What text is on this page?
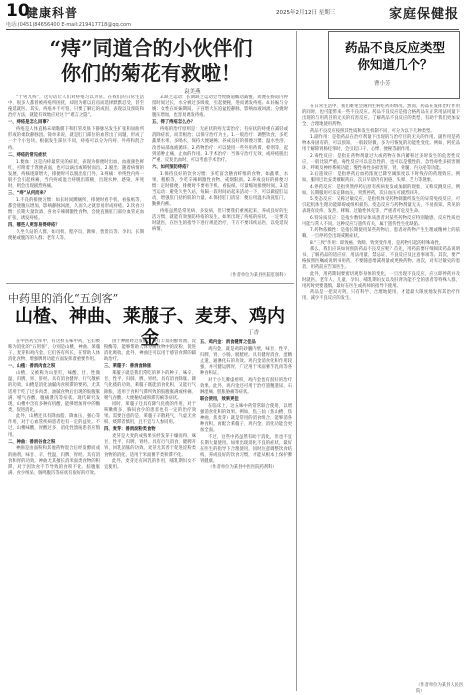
10
健康科普	2025年2月12日 星期三	家庭保健报
电话:(0451)84656400 E-mail:219417718@qq.com
“痔”同道合的小伙伴们
你们的菊花有救啦！
袁美燕

“十男九痔”，这句话让人们对痔疮习以为常。在我们的日常生活中，很多人都曾被痔疮所困扰，却因为难以启齿而选择默默忍受，甚至拖延就医。其实，痔疮并不可怕，只要了解它的成因、表现以及预防和治疗方法，就能有效地应对这个“难言之隐”。

一、痔疮是怎么回事？

痔疮是人体直肠末端黏膜下和肛管皮肤下静脉丛发生扩张和屈曲所形成的柔软静脉团。简单来说，就是肛门部位的血管出了问题，形成了一个个小包块。根据发生部位不同，痔疮可以分为内痔、外痔和混合痔。

二、痔疮的常见症状

1.便血：这是内痔最常见的症状，表现为排便时出血，血液颜色鲜红，可附着于粪便表面，也可以滴出或喷射而出。2.脱出：随着病情的发展，痔核逐渐增大，排便时可以脱出肛门外。3.疼痛：单纯性内痔一般不会引起疼痛，当内痔或混合痔脱出嵌顿，出现水肿、感染、坏死时，则会出现剧烈疼痛。

三、“痔”从何而来？

1.不良的排便习惯：如长时间蹲厕所、排便时看手机、看报纸等，都会使腹压增加，影响静脉回流，久而久之就容易形成痔疮。2.饮食习惯：长期大量饮酒、喜食辛辣刺激性食物，会使直肠肛门部位血管充血扩张，诱发痔疮。

四、哪些人更容易得痔疮？

久坐久站的人群，如司机、程序员、教师、售货员等；孕妇；长期便秘或腹泻的人群；老年人等。

3.缺乏运动：长期缺乏运动会导致肠道蠕动减慢，粪便在肠道内停留时间过长，水分被过多吸收，引起便秘，进而诱发痔疮。4.妊娠与分娩：女性在妊娠期间，子宫增大压迫盆腔静脉，影响血液回流；分娩时腹压增加，也容易诱发痔疮。

五、得了痔疮怎么办？

痔疮的治疗原则是：无症状的痔无需治疗；有症状的痔重在减轻或消除症状，而非根治；以保守治疗为主。1.一般治疗：调整饮食，多吃蔬菜水果，多喝水，保持大便通畅；养成良好的排便习惯；温水坐浴，改善局部血液循环。2.药物治疗：可以使用一些外用药膏、栓剂等，起到消肿止痛、止血的作用。3.手术治疗：当保守治疗无效，或痔疮脱出严重、反复出血时，可以考虑手术治疗。

六、如何预防痔疮？

1.保持良好的饮食习惯：多吃富含膳食纤维的食物，如蔬菜、水果、粗粮等，少吃辛辣刺激性食物，戒烟限酒。2.养成良好的排便习惯：定时排便，排便时不要看手机、看报纸，尽量缩短排便时间。3.适当运动：避免久坐久站，每隔一段时间站起来活动一下，可以做提肛运动，增强肛门括约肌的力量。4.保持肛门清洁：便后用温水清洗肛门，勤换内裤。

痔疮虽然是常见病、多发病，但只要我们重视起来，养成良好的生活习惯，就能有效预防痔疮的发生。如果出现了痔疮的症状，一定要及时就医，在医生的指导下进行规范治疗，千万不要讳疾忌医，以免延误病情。

（作者单位为某县医院肛肠科）
中药里的消化“五剑客”
山楂、神曲、莱菔子、麦芽、鸡内金	丁香

在中医药宝库中，有这样五味中药，它们被称为消化的“五剑客”，分别是山楂、神曲、莱菔子、麦芽和鸡内金。它们各有所长，在帮助人体消化食物、增强脾胃功能方面发挥着重要作用。

一、山楂：善消肉食之积

山楂，又被称为山里红，味酸、甘，性微温，归脾、胃、肝经。具有消食健胃、行气散瘀的功效。山楂是消化油腻肉食积滞的要药，尤其适用于吃了过多肉类、油腻食物后出现的脘腹胀满、嗳气吞酸、腹痛泄泻等症状。现代研究发现，山楂中含有多种有机酸，能够增加胃中的酶类，促进消化。

此外，山楂还具有降血脂、降血压、强心等作用，对于心血管疾病患者也有一定的益处。不过，山楂味酸，胃酸过多、消化性溃疡患者应慎用。

二、神曲：善消谷食之积

神曲是由面粉和其他药物混合后经发酵而成的曲剂，味甘、辛，性温，归脾、胃经。具有消食和胃的功效。神曲尤其擅长消米面类食物的积滞，对于因饮食不节导致的食积不化、脘腹胀满、食少纳呆、肠鸣腹泻等症状有很好的疗效。

由于神曲经过发酵，含有丰富的酵母菌、淀粉酶等，能够帮助人体分解食物中的淀粉，促进消化吸收。此外，神曲还可以用于感冒食滞的辅助治疗。

三、莱菔子：善消食除胀

莱菔子就是我们常吃的萝卜的种子，味辛、甘，性平，归肺、脾、胃经。具有消食除胀、降气化痰的功效。莱菔子既能消食化积，又能行气除胀，适用于食积气滞所致的脘腹胀满或疼痛、嗳气吞酸、大便秘结或积滞泻痢等症状。

同时，莱菔子还具有降气化痰的作用，对于咳嗽痰多、胸闷食少的患者也有一定的治疗效果。需要注意的是，莱菔子辛散耗气，气虚无食积、痰滞者慎用，且不宜与人参同用。

四、麦芽：善消淀粉类食物

麦芽是大麦的成熟果实经发芽干燥而得，味甘，性平，归脾、胃经。具有行气消食、健脾开胃、回乳消胀的功效。麦芽尤其善于促进淀粉类食物的消化，适用于米面薯芋类积滞不化。

此外，麦芽还有回乳的作用，哺乳期妇女不宜使用。

五、鸡内金：消食健胃之佳品

鸡内金，就是鸡的砂囊内壁，味甘，性平，归脾、胃、小肠、膀胱经。具有健胃消食、涩精止遗、通淋化石的功效。鸡内金消食化积作用较强，并可健运脾胃，广泛用于米面薯芋乳肉等各种食积证。

对于小儿脾虚疳积，鸡内金也有很好的治疗效果。此外，鸡内金还可用于治疗遗精遗尿、石淋涩痛、胆胀胁痛等症状。

联合使用，效果更佳

在临床上，这五味中药常常联合使用，以增强消食化积的效果。例如，焦三仙（焦山楂、焦神曲、焦麦芽）就是常用的消食组合，能够消各种食积。再配合莱菔子、鸡内金，消化功能会更加全面。

不过，这些中药虽然有助于消化，但也不宜长期大量使用。如果出现消化不良的症状，最好在医生的指导下合理使用，同时注意调整饮食结构，养成良好的饮食习惯，才能从根本上保护脾胃健康。

（作者单位为某县中医医院药剂科）

药品不良反应类型
你知道几个？
曹小芳

在日常生活中，我们难免会遇到生病吃药的情况。然而，药品在发挥治疗作用的同时，也可能带来一些不良反应。药品不良反应是指合格药品在正常用法用量下出现的与用药目的无关的有害反应。了解药品不良反应的类型，有助于我们更加安全、合理地使用药物。

药品不良反应按照其性质和发生机制不同，可分为以下几种类型。

1.副作用：是指药品在治疗剂量下出现的与治疗目的无关的作用。副作用是药物本身固有的，可以预知，一般较轻微，多为可恢复的功能性变化。例如，阿托品用于解除胃肠痉挛时，会引起口干、心悸、便秘等副作用。

2.毒性反应：是指在药物剂量过大或药物在体内蓄积过多时发生的危害性反应，一般比较严重。毒性反应可以是急性的，也可以是慢性的。急性毒性多损害循环、呼吸及神经系统功能；慢性毒性多损害肝、肾、骨髓、内分泌等功能。

3.后遗效应：是指停药后血药浓度已降至阈浓度以下时残存的药理效应。例如，服用巴比妥类催眠药后，次日早晨仍有困倦、头晕、乏力等现象。

4.停药反应：是指突然停药后原有疾病复发或加剧的现象，又称反跳反应。例如，长期服用可乐定降血压，突然停药，次日血压可剧烈回升。

5.变态反应：又称过敏反应，是指机体受药物刺激所发生的异常免疫反应，可引起机体生理功能障碍或组织损伤。变态反应与药物剂量无关，不易预知。常见的表现有皮疹、发热、哮喘、过敏性休克等，严重者可危及生命。

6.特异质反应：是指少数特异体质患者对某些药物反应特别敏感，反应性质也可能与常人不同。这种反应与遗传有关，属于遗传性生化缺陷。

7.药物依赖性：是指长期使用某些药物后，患者对药物产生生理或精神上的依赖，一旦停药会出现戒断症状。

8.“三致”作用：即致癌、致畸、致突变作用，是药物引起的特殊毒性。

那么，我们应该如何预防药品不良反应呢？首先，用药前要仔细阅读药品说明书，了解药品的适应症、用法用量、禁忌证、不良反应及注意事项等。其次，要严格按照医嘱或说明书用药，不要随意增减剂量或更换药物。再次，对有过敏史的患者，用药前应告知医生。

此外，用药期间要密切观察身体的变化，一旦出现不良反应，应立即停药并及时就医。老年人、儿童、孕妇、哺乳期妇女以及肝肾功能不全的患者等特殊人群，用药时更要谨慎，最好在医生或药师的指导下使用。

药品是一把双刃剑，只有科学、合理地使用，才能最大限度地发挥其治疗作用，减少不良反应的发生。

（作者单位为某县人民医院）
